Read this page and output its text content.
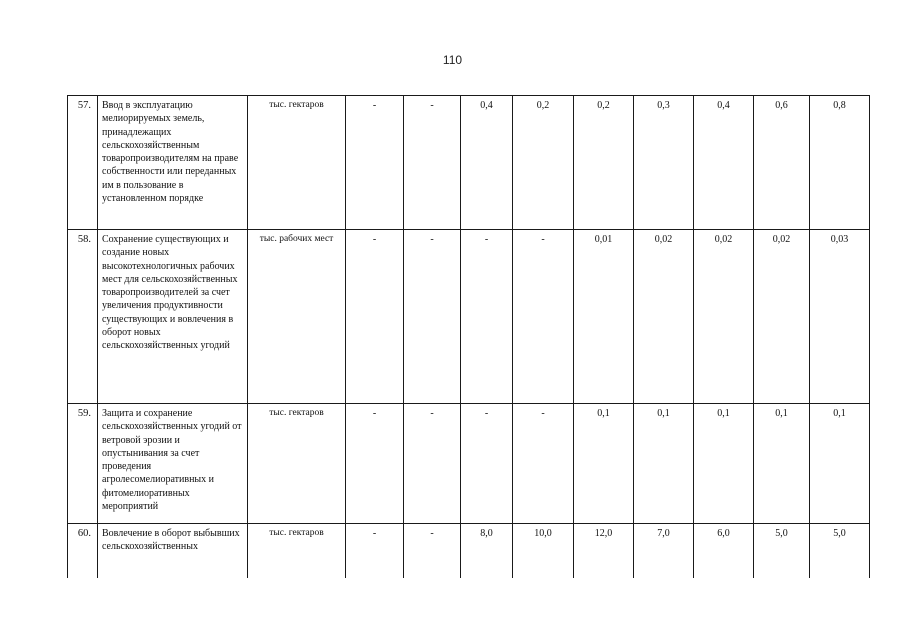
110
57.	Ввод в эксплуатацию мелиорируемых земель, принадлежащих сельскохозяйственным товаропроизводителям на праве собственности или переданных им в пользование в установленном порядке	тыс. гектаров	-	-	0,4	0,2	0,2	0,3	0,4	0,6	0,8
58.	Сохранение существующих и создание новых высокотехнологичных рабочих мест для сельскохозяйственных товаропроизводителей за счет увеличения продуктивности существующих и вовлечения в оборот новых сельскохозяйственных угодий	тыс. рабочих мест	-	-	-	-	0,01	0,02	0,02	0,02	0,03
59.	Защита и сохранение сельскохозяйственных угодий от ветровой эрозии и опустынивания за счет проведения агролесомелиоративных и фитомелиоративных мероприятий	тыс. гектаров	-	-	-	-	0,1	0,1	0,1	0,1	0,1
60.	Вовлечение в оборот выбывших сельскохозяйственных	тыс. гектаров	-	-	8,0	10,0	12,0	7,0	6,0	5,0	5,0
